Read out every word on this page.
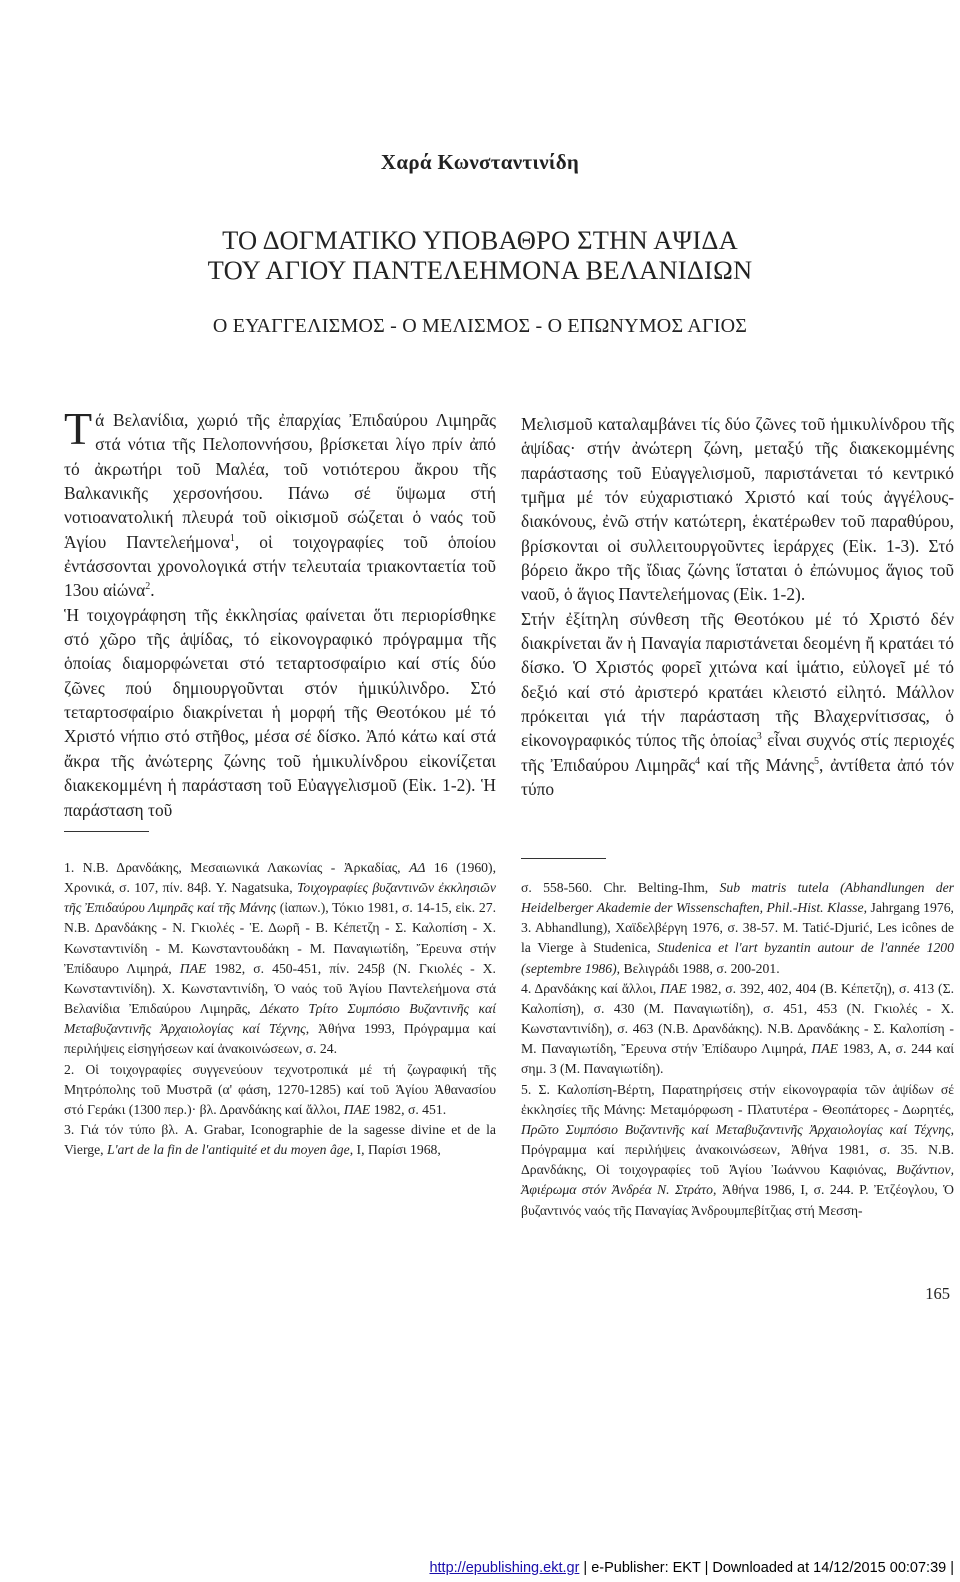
Χαρά Κωνσταντινίδη
ΤΟ ΔΟΓΜΑΤΙΚΟ ΥΠΟΒΑΘΡΟ ΣΤΗΝ ΑΨΙΔΑ
ΤΟΥ ΑΓΙΟΥ ΠΑΝΤΕΛΕΗΜΟΝΑ ΒΕΛΑΝΙΔΙΩΝ
Ο ΕΥΑΓΓΕΛΙΣΜΟΣ - Ο ΜΕΛΙΣΜΟΣ - Ο ΕΠΩΝΥΜΟΣ ΑΓΙΟΣ

Τά Βελανίδια, χωριό τῆς ἐπαρχίας Ἐπιδαύρου Λιμηρᾶς στά νότια τῆς Πελοποννήσου, βρίσκεται λίγο πρίν ἀπό τό ἀκρωτήρι τοῦ Μαλέα, τοῦ νοτιότερου ἄκρου τῆς Βαλκανικῆς χερσονήσου. Πάνω σέ ὕψωμα στή νοτιοανατολική πλευρά τοῦ οἰκισμοῦ σώζεται ὁ ναός τοῦ Ἁγίου Παντελεήμονα$^1$, οἱ τοιχογραφίες τοῦ ὁποίου ἐντάσσονται χρονολογικά στήν τελευταία τριακονταετία τοῦ 13ου αἰώνα$^2$.

Ἡ τοιχογράφηση τῆς ἐκκλησίας φαίνεται ὅτι περιορίσθηκε στό χῶρο τῆς ἁψίδας, τό εἰκονογραφικό πρόγραμμα τῆς ὁποίας διαμορφώνεται στό τεταρτοσφαίριο καί στίς δύο ζῶνες πού δημιουργοῦνται στόν ἡμικύλινδρο. Στό τεταρτοσφαίριο διακρίνεται ἡ μορφή τῆς Θεοτόκου μέ τό Χριστό νήπιο στό στῆθος, μέσα σέ δίσκο. Ἀπό κάτω καί στά ἄκρα τῆς ἀνώτερης ζώνης τοῦ ἡμικυλίνδρου εἰκονίζεται διακεκομμένη ἡ παράσταση τοῦ Εὐαγγελισμοῦ (Εἰκ. 1-2). Ἡ παράσταση τοῦ

Μελισμοῦ καταλαμβάνει τίς δύο ζῶνες τοῦ ἡμικυλίνδρου τῆς ἁψίδας· στήν ἀνώτερη ζώνη, μεταξύ τῆς διακεκομμένης παράστασης τοῦ Εὐαγγελισμοῦ, παριστάνεται τό κεντρικό τμῆμα μέ τόν εὐχαριστιακό Χριστό καί τούς ἀγγέλους-διακόνους, ἐνῶ στήν κατώτερη, ἑκατέρωθεν τοῦ παραθύρου, βρίσκονται οἱ συλλειτουργοῦντες ἱεράρχες (Εἰκ. 1-3). Στό βόρειο ἄκρο τῆς ἴδιας ζώνης ἵσταται ὁ ἐπώνυμος ἅγιος τοῦ ναοῦ, ὁ ἅγιος Παντελεήμονας (Εἰκ. 1-2).

Στήν ἐξίτηλη σύνθεση τῆς Θεοτόκου μέ τό Χριστό δέν διακρίνεται ἄν ἡ Παναγία παριστάνεται δεομένη ἤ κρατάει τό δίσκο. Ὁ Χριστός φορεῖ χιτώνα καί ἱμάτιο, εὐλογεῖ μέ τό δεξιό καί στό ἀριστερό κρατάει κλειστό εἰλητό. Μάλλον πρόκειται γιά τήν παράσταση τῆς Βλαχερνίτισσας, ὁ εἰκονογραφικός τύπος τῆς ὁποίας$^3$ εἶναι συχνός στίς περιοχές τῆς Ἐπιδαύρου Λιμηρᾶς$^4$ καί τῆς Μάνης$^5$, ἀντίθετα ἀπό τόν τύπο

1. Ν.Β. Δρανδάκης, Μεσαιωνικά Λακωνίας - Ἀρκαδίας, ΑΔ 16 (1960), Χρονικά, σ. 107, πίν. 84β. Y. Nagatsuka, Τοιχογραφίες βυζαντινῶν ἐκκλησιῶν τῆς Ἐπιδαύρου Λιμηρᾶς καί τῆς Μάνης (ἰαπων.), Τόκιο 1981, σ. 14-15, εἰκ. 27. Ν.Β. Δρανδάκης - Ν. Γκιολές - Ἑ. Δωρῆ - Β. Κέπετζη - Σ. Καλοπίση - Χ. Κωνσταντινίδη - Μ. Κωνσταντουδάκη - Μ. Παναγιωτίδη, Ἔρευνα στήν Ἐπίδαυρο Λιμηρά, ΠΑΕ 1982, σ. 450-451, πίν. 245β (Ν. Γκιολές - Χ. Κωνσταντινίδη). Χ. Κωνσταντινίδη, Ὁ ναός τοῦ Ἁγίου Παντελεήμονα στά Βελανίδια Ἐπιδαύρου Λιμηρᾶς, Δέκατο Τρίτο Συμπόσιο Βυζαντινῆς καί Μεταβυζαντινῆς Ἀρχαιολογίας καί Τέχνης, Ἀθήνα 1993, Πρόγραμμα καί περιλήψεις εἰσηγήσεων καί ἀνακοινώσεων, σ. 24.

2. Οἱ τοιχογραφίες συγγενεύουν τεχνοτροπικά μέ τή ζωγραφική τῆς Μητρόπολης τοῦ Μυστρᾶ (α' φάση, 1270-1285) καί τοῦ Ἁγίου Ἀθανασίου στό Γεράκι (1300 περ.)· βλ. Δρανδάκης καί ἄλλοι, ΠΑΕ 1982, σ. 451.

3. Γιά τόν τύπο βλ. A. Grabar, Iconographie de la sagesse divine et de la Vierge, L'art de la fin de l'antiquité et du moyen âge, I, Παρίσι 1968,

σ. 558-560. Chr. Belting-Ihm, Sub matris tutela (Abhandlungen der Heidelberger Akademie der Wissenschaften, Phil.-Hist. Klasse, Jahrgang 1976, 3. Abhandlung), Χαϊδελβέργη 1976, σ. 38-57. M. Tatić-Djurić, Les icônes de la Vierge à Studenica, Studenica et l'art byzantin autour de l'année 1200 (septembre 1986), Βελιγράδι 1988, σ. 200-201.

4. Δρανδάκης καί ἄλλοι, ΠΑΕ 1982, σ. 392, 402, 404 (Β. Κέπετζη), σ. 413 (Σ. Καλοπίση), σ. 430 (Μ. Παναγιωτίδη), σ. 451, 453 (Ν. Γκιολές - Χ. Κωνσταντινίδη), σ. 463 (Ν.Β. Δρανδάκης). Ν.Β. Δρανδάκης - Σ. Καλοπίση - Μ. Παναγιωτίδη, Ἔρευνα στήν Ἐπίδαυρο Λιμηρά, ΠΑΕ 1983, Α, σ. 244 καί σημ. 3 (Μ. Παναγιωτίδη).

5. Σ. Καλοπίση-Βέρτη, Παρατηρήσεις στήν εἰκονογραφία τῶν ἁψίδων σέ ἐκκλησίες τῆς Μάνης: Μεταμόρφωση - Πλατυτέρα - Θεοπάτορες - Δωρητές, Πρῶτο Συμπόσιο Βυζαντινῆς καί Μεταβυζαντινῆς Ἀρχαιολογίας καί Τέχνης, Πρόγραμμα καί περιλήψεις ἀνακοινώσεων, Ἀθήνα 1981, σ. 35. Ν.Β. Δρανδάκης, Οἱ τοιχογραφίες τοῦ Ἁγίου Ἰωάννου Καφιόνας, Βυζάντιον, Ἀφιέρωμα στόν Ἀνδρέα Ν. Στράτο, Ἀθήνα 1986, I, σ. 244. Ρ. Ἐτζέογλου, Ὁ βυζαντινός ναός τῆς Παναγίας Ἀνδρουμπεβίτζιας στή Μεσση-

165
http://epublishing.ekt.gr | e-Publisher: EKT | Downloaded at 14/12/2015 00:07:39 |
